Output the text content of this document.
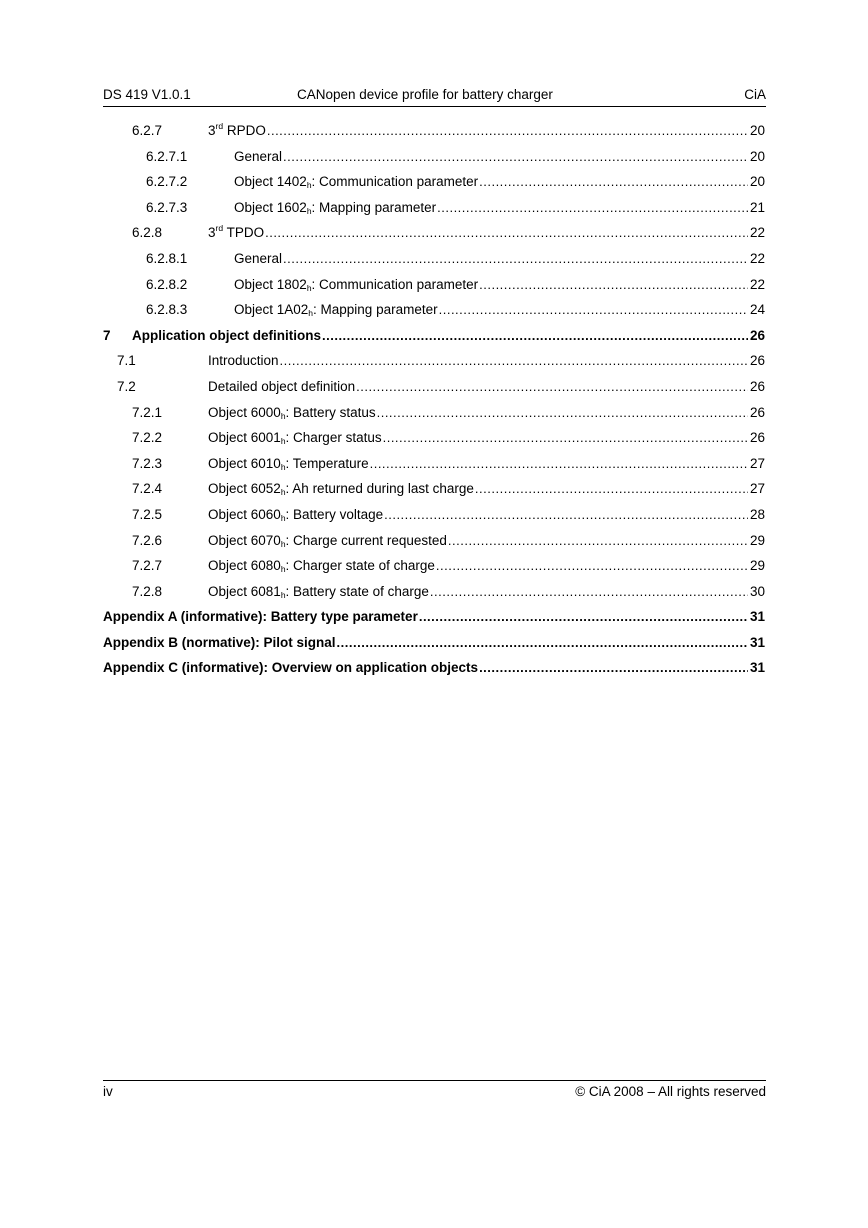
DS 419 V1.0.1	CANopen device profile for battery charger	CiA
6.2.7	3rd RPDO .....	20
6.2.7.1	General .....	20
6.2.7.2	Object $1402_h$: Communication parameter .....	20
6.2.7.3	Object $1602_h$: Mapping parameter .....	21
6.2.8	3rd TPDO .....	22
6.2.8.1	General .....	22
6.2.8.2	Object $1802_h$: Communication parameter .....	22
6.2.8.3	Object $1A02_h$: Mapping parameter .....	24
7 Application object definitions .....	26
7.1	Introduction .....	26
7.2	Detailed object definition .....	26
7.2.1	Object $6000_h$: Battery status .....	26
7.2.2	Object $6001_h$: Charger status .....	26
7.2.3	Object $6010_h$: Temperature .....	27
7.2.4	Object $6052_h$: Ah returned during last charge .....	27
7.2.5	Object $6060_h$: Battery voltage .....	28
7.2.6	Object $6070_h$: Charge current requested .....	29
7.2.7	Object $6080_h$: Charger state of charge .....	29
7.2.8	Object $6081_h$: Battery state of charge .....	30
Appendix A (informative): Battery type parameter .....	31
Appendix B (normative): Pilot signal .....	31
Appendix C (informative): Overview on application objects .....	31
iv	© CiA 2008 – All rights reserved
